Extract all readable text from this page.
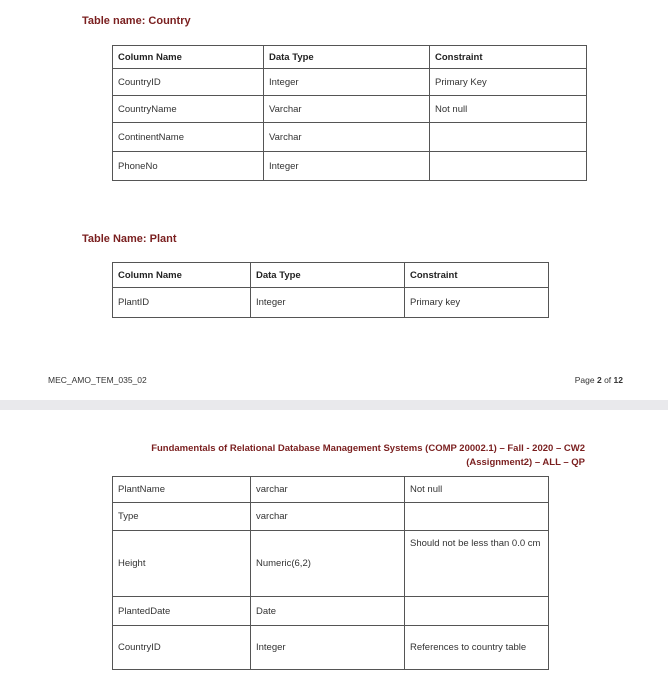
Table name: Country
Column Name	Data Type	Constraint
CountryID	Integer	Primary Key
CountryName	Varchar	Not null
ContinentName	Varchar	
PhoneNo	Integer	
Table Name: Plant
Column Name	Data Type	Constraint
PlantID	Integer	Primary key
MEC_AMO_TEM_035_02	Page 2 of 12
Fundamentals of Relational Database Management Systems (COMP 20002.1) – Fall - 2020 – CW2
(Assignment2) – ALL – QP
PlantName	varchar	Not null
Type	varchar	
Height	Numeric(6,2)	Should not be less than 0.0 cm
PlantedDate	Date	
CountryID	Integer	References to country table
